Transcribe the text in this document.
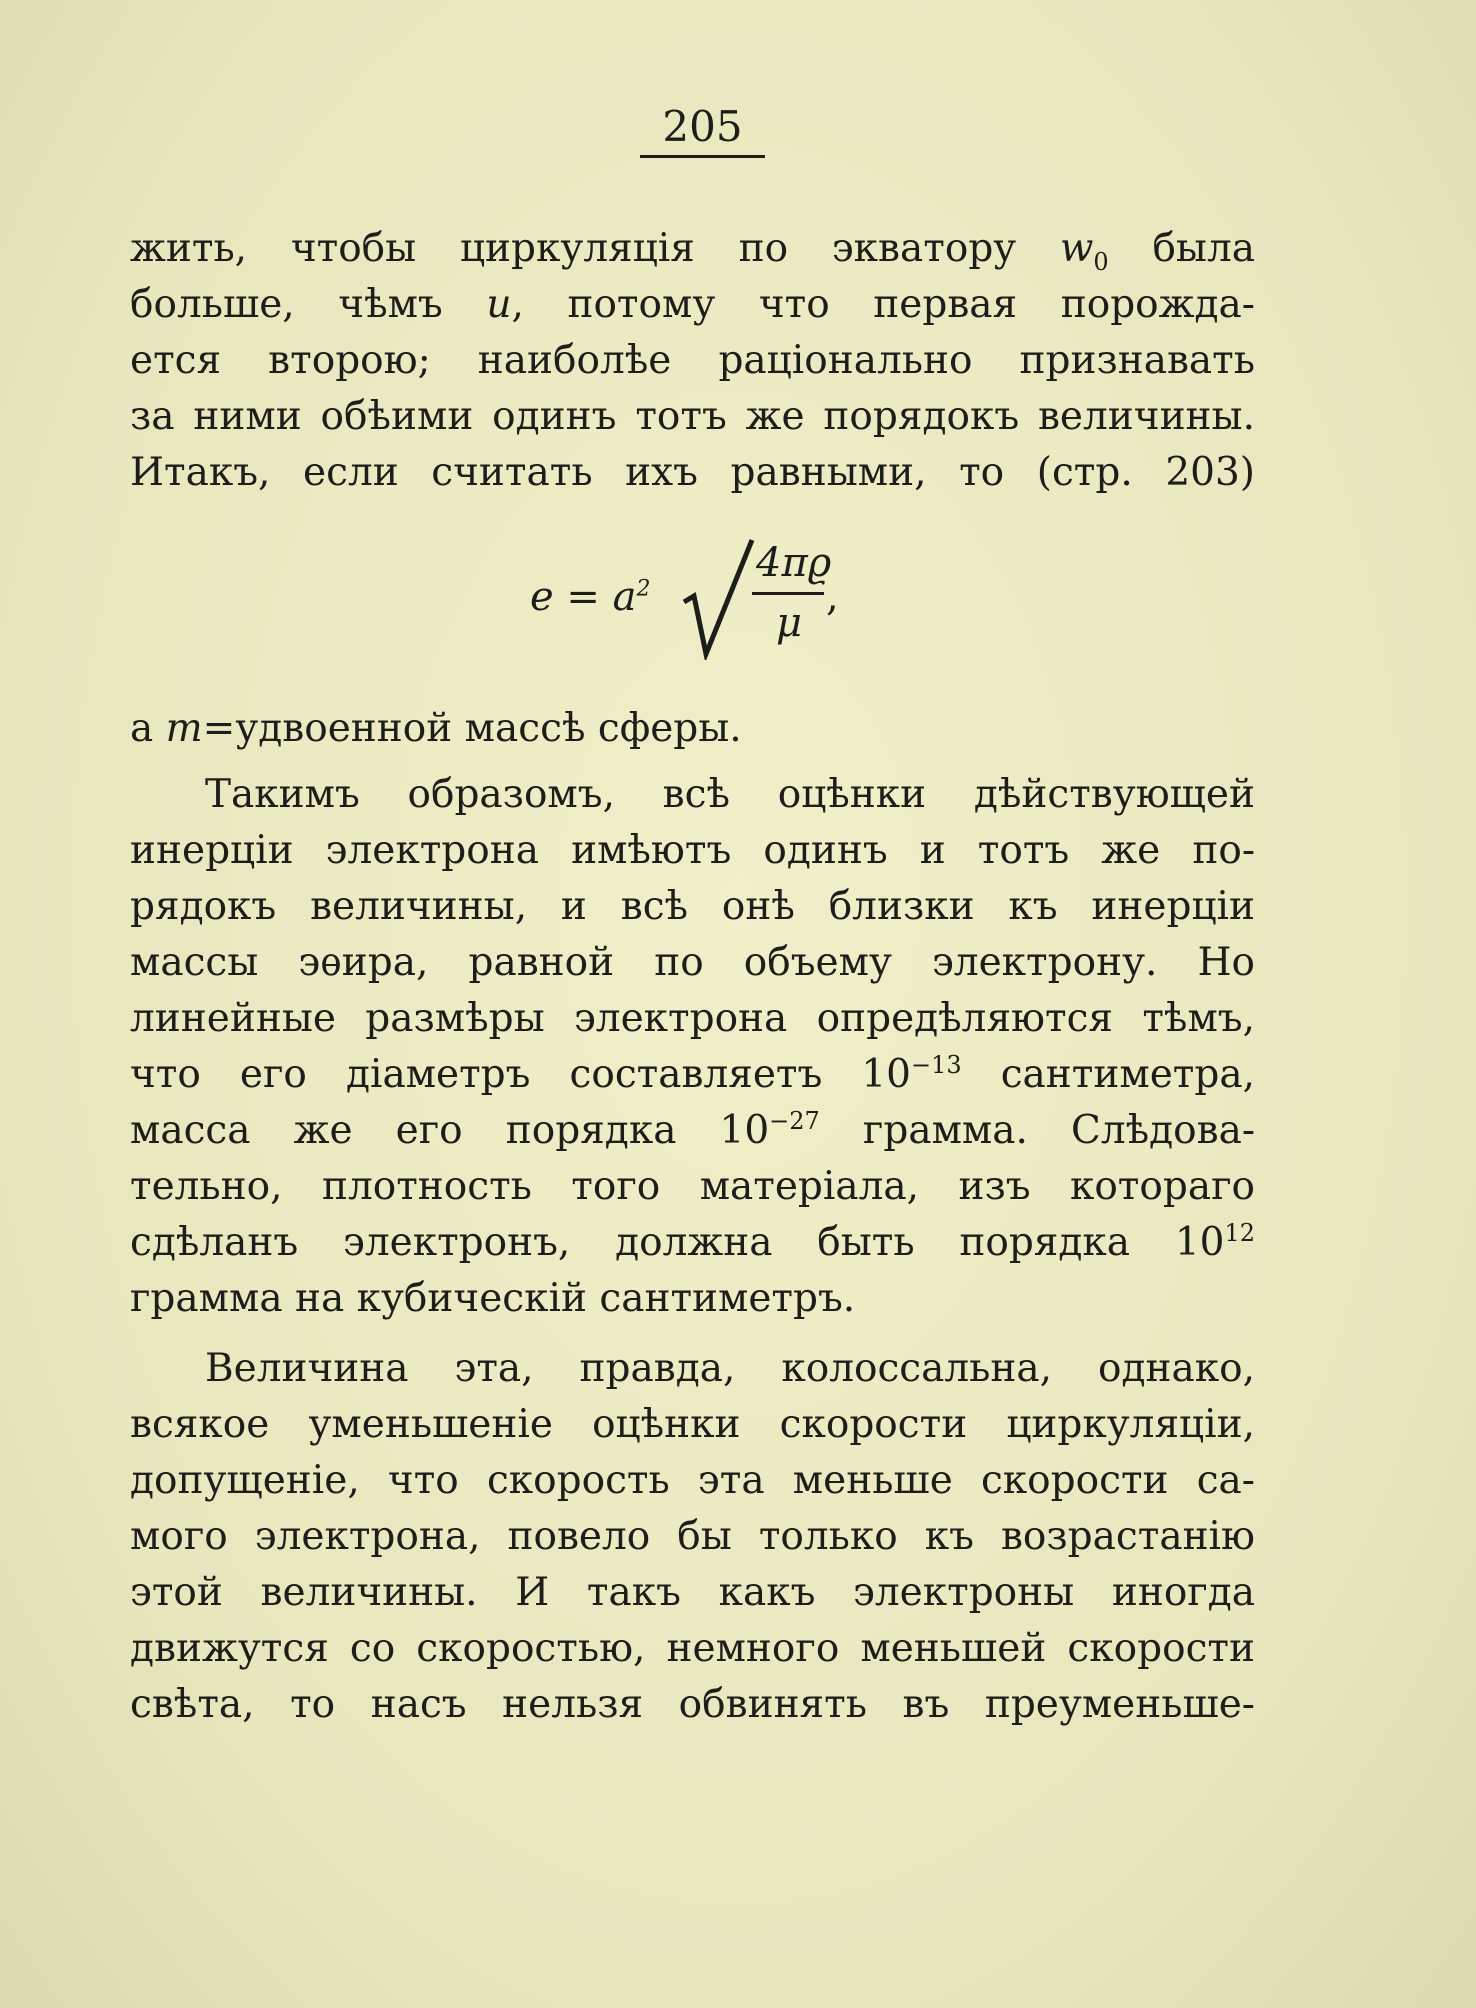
205
жить, чтобы циркуляція по экватору $w_0$ была
больше, чѣмъ u, потому что первая порожда-
ется второю; наиболѣе раціонально признавать
за ними обѣими одинъ тотъ же порядокъ величины.
Итакъ, если считать ихъ равными, то (стр. 203)
$e = a^2$
4πϱ
μ
,
а m=удвоенной массѣ сферы.
Такимъ образомъ, всѣ оцѣнки дѣйствующей
инерціи электрона имѣютъ одинъ и тотъ же по-
рядокъ величины, и всѣ онѣ близки къ инерціи
массы эѳира, равной по объему электрону. Но
линейные размѣры электрона опредѣляются тѣмъ,
что его діаметръ составляетъ $10^{-13}$ сантиметра,
масса же его порядка $10^{-27}$ грамма. Слѣдова-
тельно, плотность того матеріала, изъ котораго
сдѣланъ электронъ, должна быть порядка $10^{12}$
грамма на кубическій сантиметръ.
Величина эта, правда, колоссальна, однако,
всякое уменьшеніе оцѣнки скорости циркуляціи,
допущеніе, что скорость эта меньше скорости са-
мого электрона, повело бы только къ возрастанію
этой величины. И такъ какъ электроны иногда
движутся со скоростью, немного меньшей скорости
свѣта, то насъ нельзя обвинять въ преуменьше-
